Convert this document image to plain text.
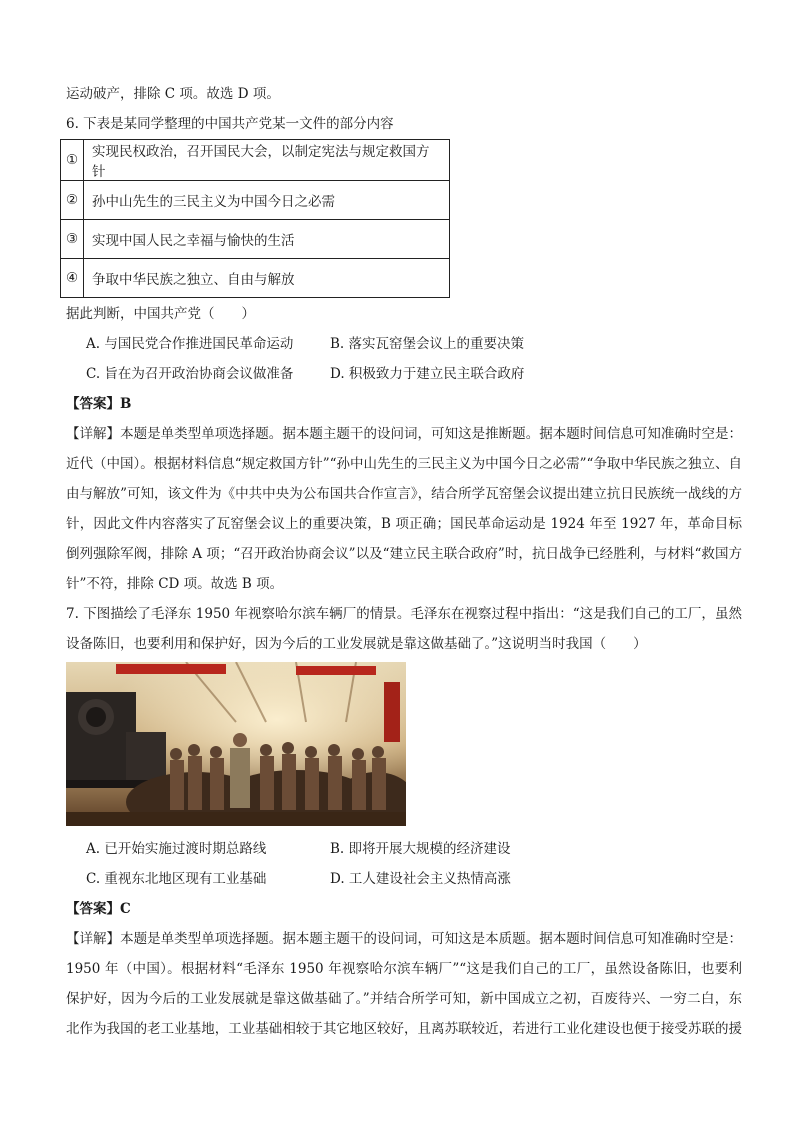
运动破产，排除 C 项。故选 D 项。
6. 下表是某同学整理的中国共产党某一文件的部分内容
①	实现民权政治，召开国民大会，以制定宪法与规定救国方针
②	孙中山先生的三民主义为中国今日之必需
③	实现中国人民之幸福与愉快的生活
④	争取中华民族之独立、自由与解放
据此判断，中国共产党（　　）
A. 与国民党合作推进国民革命运动	B. 落实瓦窑堡会议上的重要决策
C. 旨在为召开政治协商会议做准备	D. 积极致力于建立民主联合政府
【答案】B
【详解】本题是单类型单项选择题。据本题主题干的设问词，可知这是推断题。据本题时间信息可知准确时空是：
近代（中国）。根据材料信息“规定救国方针”“孙中山先生的三民主义为中国今日之必需”“争取中华民族之独立、自
由与解放”可知，该文件为《中共中央为公布国共合作宣言》，结合所学瓦窑堡会议提出建立抗日民族统一战线的方
针，因此文件内容落实了瓦窑堡会议上的重要决策，B 项正确；国民革命运动是 1924 年至 1927 年，革命目标
倒列强除军阀，排除 A 项；“召开政治协商会议”以及“建立民主联合政府”时，抗日战争已经胜利，与材料“救国方
针”不符，排除 CD 项。故选 B 项。
7. 下图描绘了毛泽东 1950 年视察哈尔滨车辆厂的情景。毛泽东在视察过程中指出：“这是我们自己的工厂，虽然
设备陈旧，也要利用和保护好，因为今后的工业发展就是靠这做基础了。”这说明当时我国（　　）
A. 已开始实施过渡时期总路线	B. 即将开展大规模的经济建设
C. 重视东北地区现有工业基础	D. 工人建设社会主义热情高涨
【答案】C
【详解】本题是单类型单项选择题。据本题主题干的设问词，可知这是本质题。据本题时间信息可知准确时空是：
1950 年（中国）。根据材料“毛泽东 1950 年视察哈尔滨车辆厂”“这是我们自己的工厂，虽然设备陈旧，也要利
保护好，因为今后的工业发展就是靠这做基础了。”并结合所学可知，新中国成立之初，百废待兴、一穷二白，东
北作为我国的老工业基地，工业基础相较于其它地区较好，且离苏联较近，若进行工业化建设也便于接受苏联的援
